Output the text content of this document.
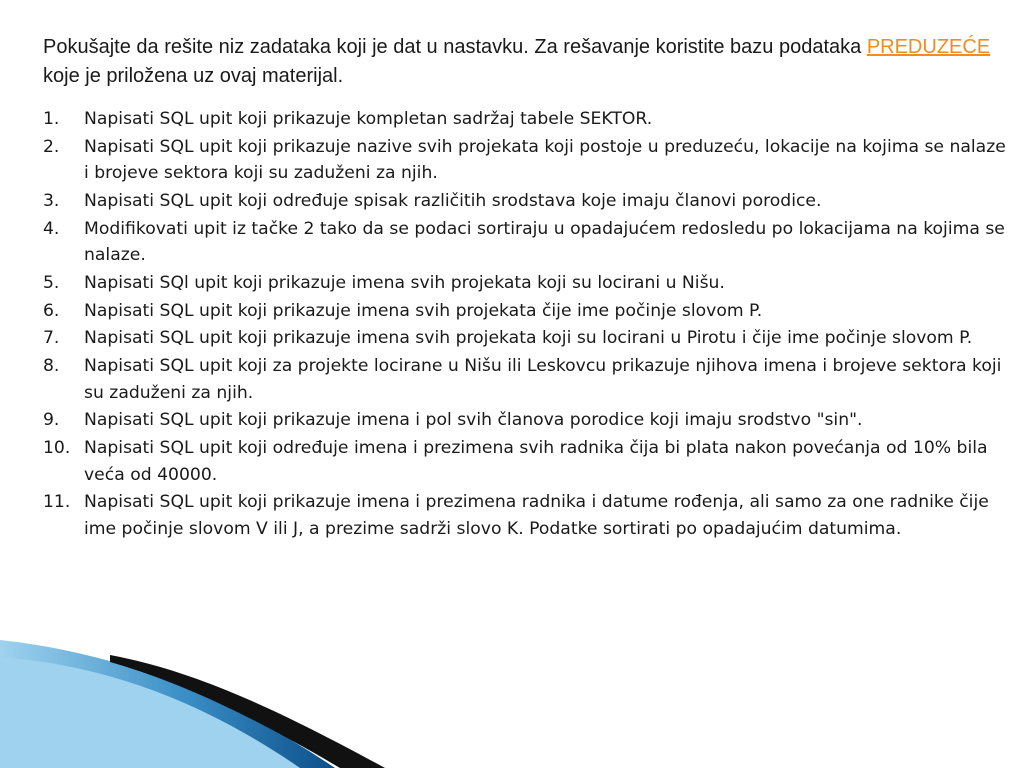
Pokušajte da rešite niz zadataka koji je dat u nastavku. Za rešavanje koristite bazu podataka PREDUZEĆE koje je priložena uz ovaj materijal.

1.	Napisati SQL upit koji prikazuje kompletan sadržaj tabele SEKTOR.
2.	Napisati SQL upit koji prikazuje nazive svih projekata koji postoje u preduzeću, lokacije na kojima se nalaze i brojeve sektora koji su zaduženi za njih.
3.	Napisati SQL upit koji određuje spisak različitih srodstava koje imaju članovi porodice.
4.	Modifikovati upit iz tačke 2 tako da se podaci sortiraju u opadajućem redosledu po lokacijama na kojima se nalaze.
5.	Napisati SQl upit koji prikazuje imena svih projekata koji su locirani u Nišu.
6.	Napisati SQL upit koji prikazuje imena svih projekata čije ime počinje slovom P.
7.	Napisati SQL upit koji prikazuje imena svih projekata koji su locirani u Pirotu i čije ime počinje slovom P.
8.	Napisati SQL upit koji za projekte locirane u Nišu ili Leskovcu prikazuje njihova imena i brojeve sektora koji su zaduženi za njih.
9.	Napisati SQL upit koji prikazuje imena i pol svih članova porodice koji imaju srodstvo "sin".
10. Napisati SQL upit koji određuje imena i prezimena svih radnika čija bi plata nakon povećanja od 10% bila veća od 40000.
11. Napisati SQL upit koji prikazuje imena i prezimena radnika i datume rođenja, ali samo za one radnike čije ime počinje slovom V ili J, a prezime sadrži slovo K. Podatke sortirati po opadajućim datumima.
